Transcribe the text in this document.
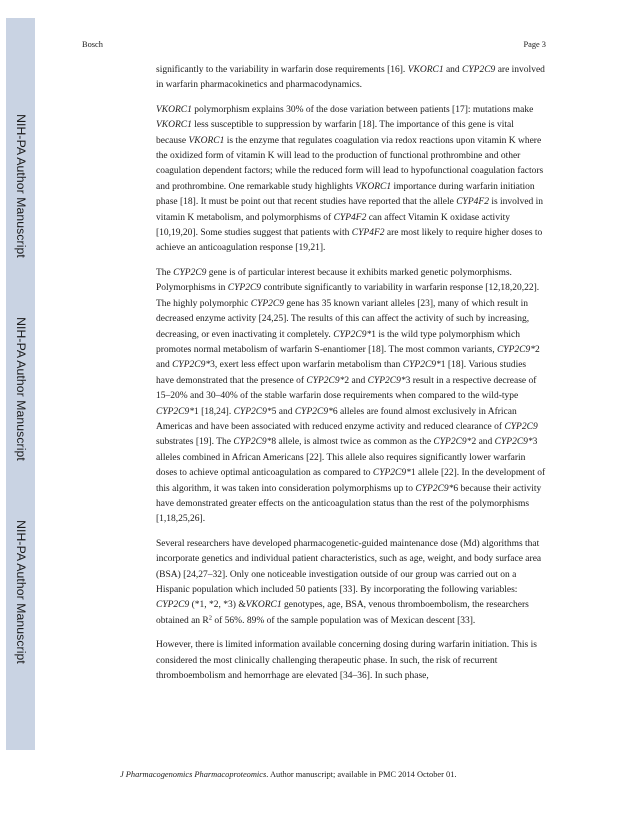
NIH-PA Author Manuscript
NIH-PA Author Manuscript
NIH-PA Author Manuscript
Bosch	Page 3

significantly to the variability in warfarin dose requirements [16]. VKORC1 and CYP2C9 are involved in warfarin pharmacokinetics and pharmacodynamics.

VKORC1 polymorphism explains 30% of the dose variation between patients [17]: mutations make VKORC1 less susceptible to suppression by warfarin [18]. The importance of this gene is vital because VKORC1 is the enzyme that regulates coagulation via redox reactions upon vitamin K where the oxidized form of vitamin K will lead to the production of functional prothrombine and other coagulation dependent factors; while the reduced form will lead to hypofunctional coagulation factors and prothrombine. One remarkable study highlights VKORC1 importance during warfarin initiation phase [18]. It must be point out that recent studies have reported that the allele CYP4F2 is involved in vitamin K metabolism, and polymorphisms of CYP4F2 can affect Vitamin K oxidase activity [10,19,20]. Some studies suggest that patients with CYP4F2 are most likely to require higher doses to achieve an anticoagulation response [19,21].

The CYP2C9 gene is of particular interest because it exhibits marked genetic polymorphisms. Polymorphisms in CYP2C9 contribute significantly to variability in warfarin response [12,18,20,22]. The highly polymorphic CYP2C9 gene has 35 known variant alleles [23], many of which result in decreased enzyme activity [24,25]. The results of this can affect the activity of such by increasing, decreasing, or even inactivating it completely. CYP2C9*1 is the wild type polymorphism which promotes normal metabolism of warfarin S-enantiomer [18]. The most common variants, CYP2C9*2 and CYP2C9*3, exert less effect upon warfarin metabolism than CYP2C9*1 [18]. Various studies have demonstrated that the presence of CYP2C9*2 and CYP2C9*3 result in a respective decrease of 15–20% and 30–40% of the stable warfarin dose requirements when compared to the wild-type CYP2C9*1 [18,24]. CYP2C9*5 and CYP2C9*6 alleles are found almost exclusively in African Americas and have been associated with reduced enzyme activity and reduced clearance of CYP2C9 substrates [19]. The CYP2C9*8 allele, is almost twice as common as the CYP2C9*2 and CYP2C9*3 alleles combined in African Americans [22]. This allele also requires significantly lower warfarin doses to achieve optimal anticoagulation as compared to CYP2C9*1 allele [22]. In the development of this algorithm, it was taken into consideration polymorphisms up to CYP2C9*6 because their activity have demonstrated greater effects on the anticoagulation status than the rest of the polymorphisms [1,18,25,26].

Several researchers have developed pharmacogenetic-guided maintenance dose (Md) algorithms that incorporate genetics and individual patient characteristics, such as age, weight, and body surface area (BSA) [24,27–32]. Only one noticeable investigation outside of our group was carried out on a Hispanic population which included 50 patients [33]. By incorporating the following variables: CYP2C9 (*1, *2, *3) &VKORC1 genotypes, age, BSA, venous thromboembolism, the researchers obtained an $R^2$ of 56%. 89% of the sample population was of Mexican descent [33].

However, there is limited information available concerning dosing during warfarin initiation. This is considered the most clinically challenging therapeutic phase. In such, the risk of recurrent thromboembolism and hemorrhage are elevated [34–36]. In such phase,

J Pharmacogenomics Pharmacoproteomics. Author manuscript; available in PMC 2014 October 01.
